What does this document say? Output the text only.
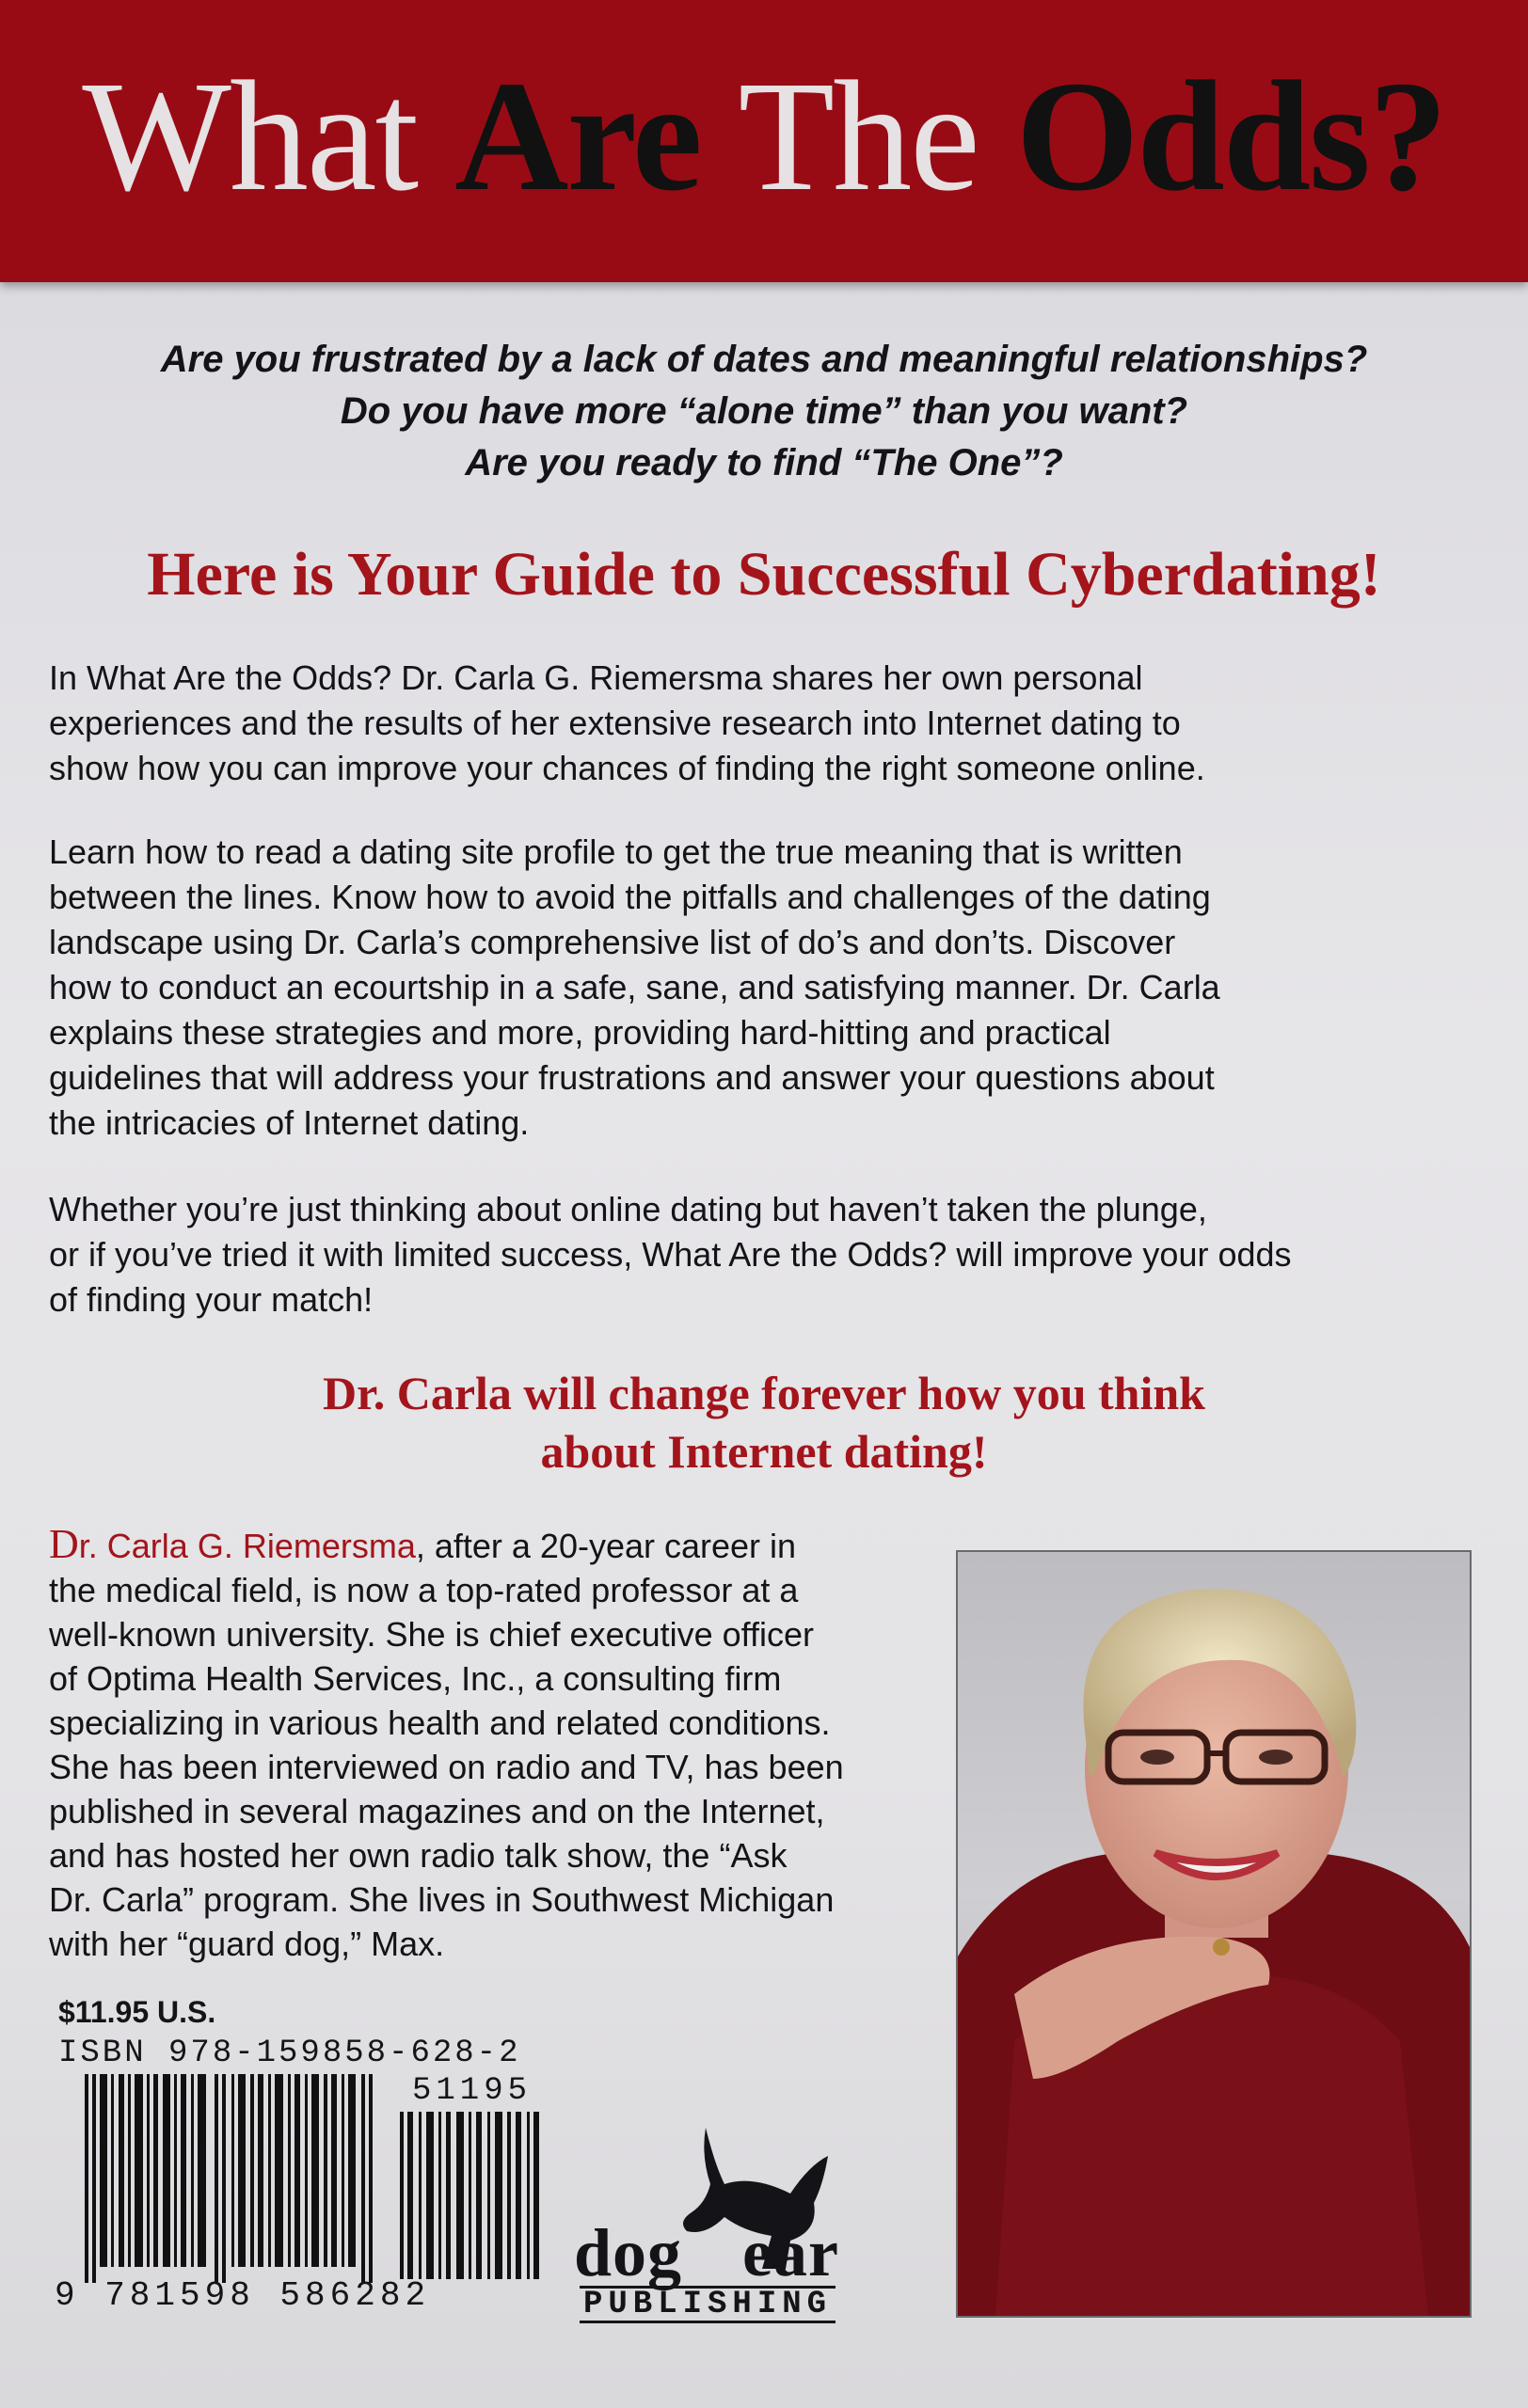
What Are The Odds?
Are you frustrated by a lack of dates and meaningful relationships?
Do you have more “alone time” than you want?
Are you ready to find “The One”?
Here is Your Guide to Successful Cyberdating!
In What Are the Odds? Dr. Carla G. Riemersma shares her own personal
experiences and the results of her extensive research into Internet dating to
show how you can improve your chances of finding the right someone online.
Learn how to read a dating site profile to get the true meaning that is written
between the lines. Know how to avoid the pitfalls and challenges of the dating
landscape using Dr. Carla’s comprehensive list of do’s and don’ts. Discover
how to conduct an ecourtship in a safe, sane, and satisfying manner. Dr. Carla
explains these strategies and more, providing hard-hitting and practical
guidelines that will address your frustrations and answer your questions about
the intricacies of Internet dating.
Whether you’re just thinking about online dating but haven’t taken the plunge,
or if you’ve tried it with limited success, What Are the Odds? will improve your odds
of finding your match!
Dr. Carla will change forever how you think
about Internet dating!
Dr. Carla G. Riemersma, after a 20-year career in
the medical field, is now a top-rated professor at a
well-known university. She is chief executive officer
of Optima Health Services, Inc., a consulting firm
specializing in various health and related conditions.
She has been interviewed on radio and TV, has been
published in several magazines and on the Internet,
and has hosted her own radio talk show, the “Ask
Dr. Carla” program. She lives in Southwest Michigan
with her “guard dog,” Max.
$11.95 U.S.
ISBN 978-159858-628-2
51195
9 781598 586282
dog ear
PUBLISHING
